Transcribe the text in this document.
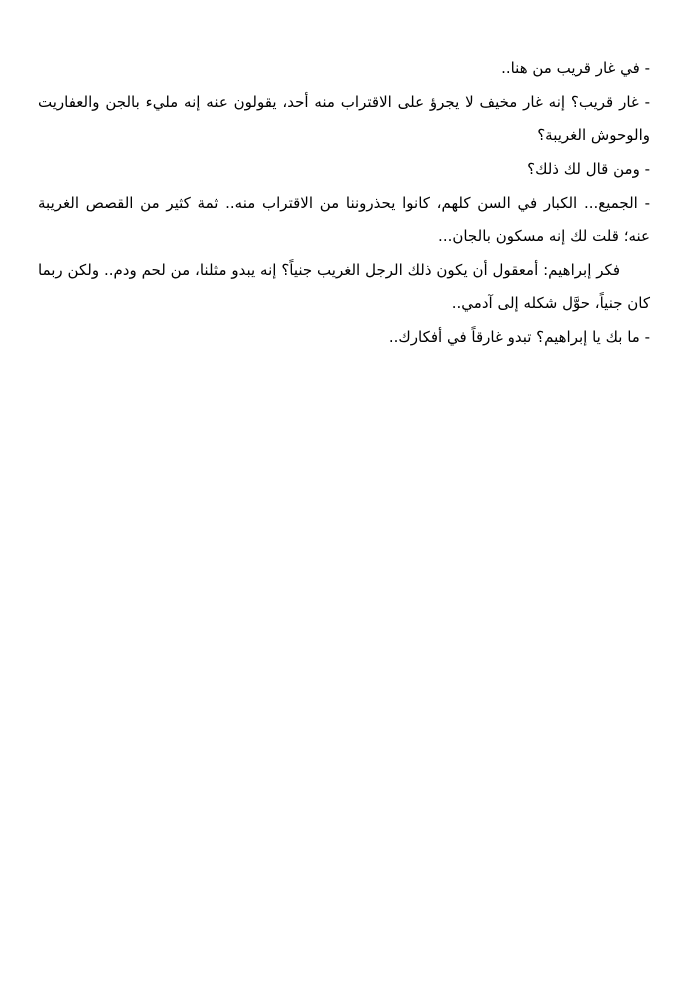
- في غار قريب من هنا..

- غار قريب؟ إنه غار مخيف لا يجرؤ على الاقتراب منه أحد، يقولون عنه إنه مليء بالجن والعفاريت والوحوش الغريبة؟

- ومن قال لك ذلك؟

- الجميع... الكبار في السن كلهم، كانوا يحذروننا من الاقتراب منه.. ثمة كثير من القصص الغريبة عنه؛ قلت لك إنه مسكون بالجان...

فكر إبراهيم: أمعقول أن يكون ذلك الرجل الغريب جنياً؟ إنه يبدو مثلنا، من لحم ودم.. ولكن ربما كان جنياً، حوَّل شكله إلى آدمي..

- ما بك يا إبراهيم؟ تبدو غارقاً في أفكارك..
